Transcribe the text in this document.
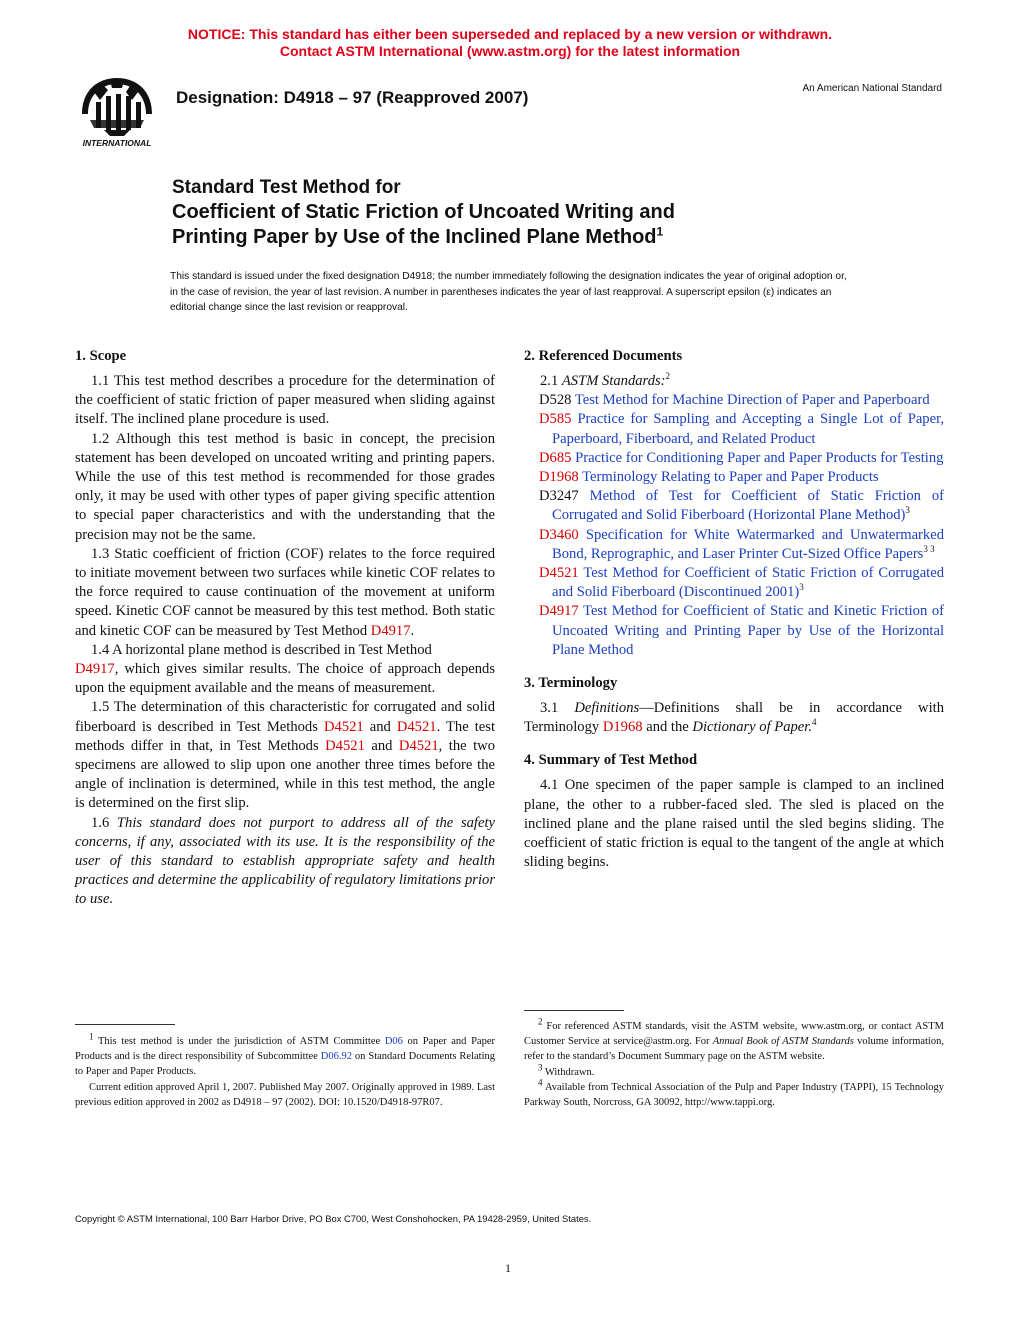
NOTICE: This standard has either been superseded and replaced by a new version or withdrawn.
Contact ASTM International (www.astm.org) for the latest information
INTERNATIONAL
Designation: D4918 – 97 (Reapproved 2007)	An American National Standard
Standard Test Method for

Coefficient of Static Friction of Uncoated Writing and
Printing Paper by Use of the Inclined Plane Method$^1$
This standard is issued under the fixed designation D4918; the number immediately following the designation indicates the year of original adoption or, in the case of revision, the year of last revision. A number in parentheses indicates the year of last reapproval. A superscript epsilon (ε) indicates an editorial change since the last revision or reapproval.
1. Scope

1.1 This test method describes a procedure for the determination of the coefficient of static friction of paper measured when sliding against itself. The inclined plane procedure is used.

1.2 Although this test method is basic in concept, the precision statement has been developed on uncoated writing and printing papers. While the use of this test method is recommended for those grades only, it may be used with other types of paper giving specific attention to special paper characteristics and with the understanding that the precision may not be the same.

1.3 Static coefficient of friction (COF) relates to the force required to initiate movement between two surfaces while kinetic COF relates to the force required to cause continuation of the movement at uniform speed. Kinetic COF cannot be measured by this test method. Both static and kinetic COF can be measured by Test Method D4917.

1.4 A horizontal plane method is described in Test Method
D4917, which gives similar results. The choice of approach depends upon the equipment available and the means of measurement.

1.5 The determination of this characteristic for corrugated and solid fiberboard is described in Test Methods D4521 and D4521. The test methods differ in that, in Test Methods D4521 and D4521, the two specimens are allowed to slip upon one another three times before the angle of inclination is determined, while in this test method, the angle is determined on the first slip.

1.6 This standard does not purport to address all of the safety concerns, if any, associated with its use. It is the responsibility of the user of this standard to establish appropriate safety and health practices and determine the applicability of regulatory limitations prior to use.

2. Referenced Documents

2.1 ASTM Standards:$^2$

D528 Test Method for Machine Direction of Paper and Paperboard

D585 Practice for Sampling and Accepting a Single Lot of Paper, Paperboard, Fiberboard, and Related Product

D685 Practice for Conditioning Paper and Paper Products for Testing

D1968 Terminology Relating to Paper and Paper Products

D3247 Method of Test for Coefficient of Static Friction of Corrugated and Solid Fiberboard (Horizontal Plane Method)$^3$

D3460 Specification for White Watermarked and Unwatermarked Bond, Reprographic, and Laser Printer Cut-Sized Office Papers$^{3 3}$

D4521 Test Method for Coefficient of Static Friction of Corrugated and Solid Fiberboard (Discontinued 2001)$^3$

D4917 Test Method for Coefficient of Static and Kinetic Friction of Uncoated Writing and Printing Paper by Use of the Horizontal Plane Method

3. Terminology

3.1 Definitions—Definitions shall be in accordance with Terminology D1968 and the Dictionary of Paper.$^4$

4. Summary of Test Method

4.1 One specimen of the paper sample is clamped to an inclined plane, the other to a rubber-faced sled. The sled is placed on the inclined plane and the plane raised until the sled begins sliding. The coefficient of static friction is equal to the tangent of the angle at which sliding begins.

$^1$ This test method is under the jurisdiction of ASTM Committee D06 on Paper and Paper Products and is the direct responsibility of Subcommittee D06.92 on Standard Documents Relating to Paper and Paper Products.

Current edition approved April 1, 2007. Published May 2007. Originally approved in 1989. Last previous edition approved in 2002 as D4918 – 97 (2002). DOI: 10.1520/D4918-97R07.

$^2$ For referenced ASTM standards, visit the ASTM website, www.astm.org, or contact ASTM Customer Service at service@astm.org. For Annual Book of ASTM Standards volume information, refer to the standard’s Document Summary page on the ASTM website.

$^3$ Withdrawn.

$^4$ Available from Technical Association of the Pulp and Paper Industry (TAPPI), 15 Technology Parkway South, Norcross, GA 30092, http://www.tappi.org.

Copyright © ASTM International, 100 Barr Harbor Drive, PO Box C700, West Conshohocken, PA 19428-2959, United States.
1
